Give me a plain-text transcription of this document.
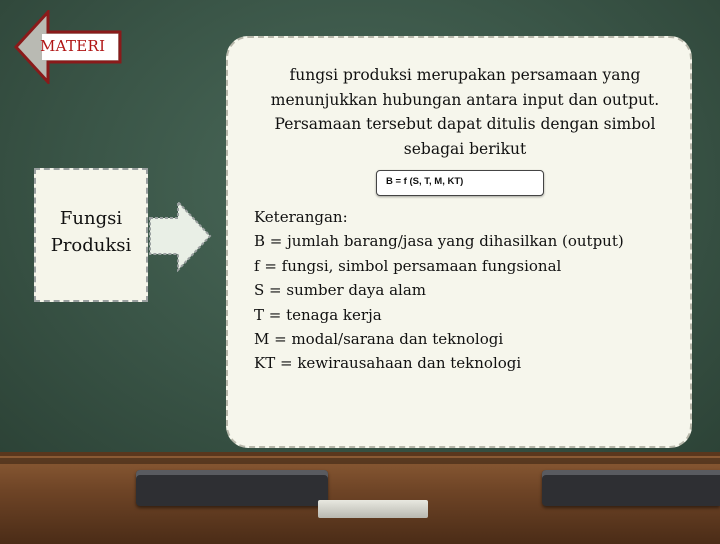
MATERI
Fungsi
Produksi
fungsi produksi merupakan persamaan yang menunjukkan hubungan antara input dan output. Persamaan tersebut dapat ditulis dengan simbol sebagai berikut
B = f (S, T, M, KT)
Keterangan:
B = jumlah barang/jasa yang dihasilkan (output)
f = fungsi, simbol persamaan fungsional
S = sumber daya alam
T = tenaga kerja
M = modal/sarana dan teknologi
KT = kewirausahaan dan teknologi
